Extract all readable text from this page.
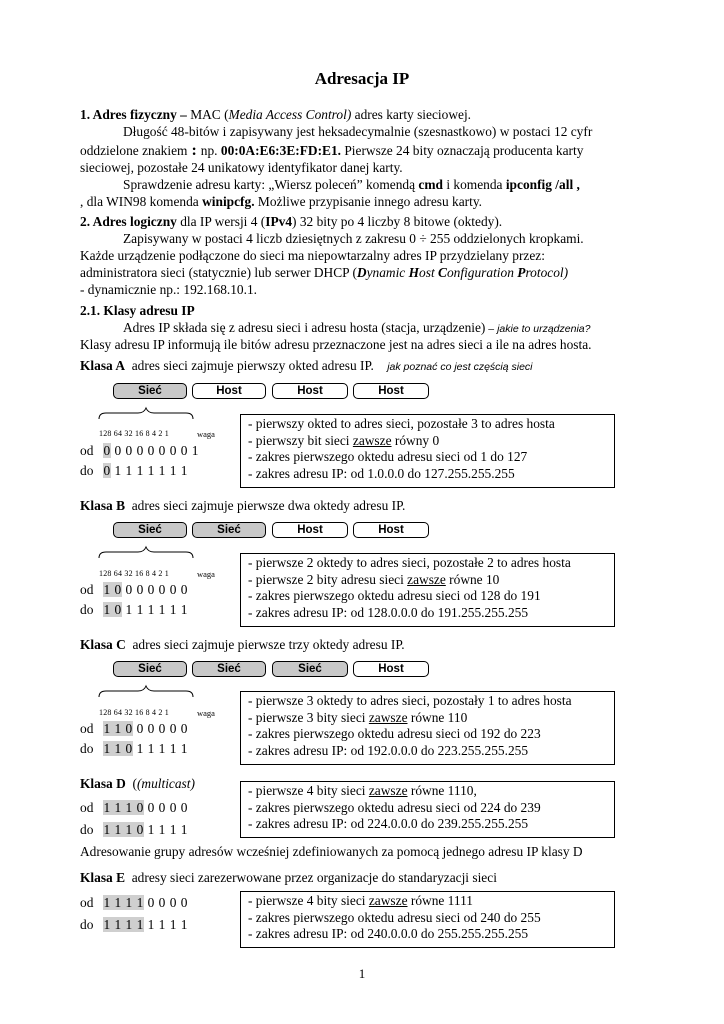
Adresacja IP
1. Adres fizyczny – MAC (Media Access Control) adres karty sieciowej.
Długość 48-bitów i zapisywany jest heksadecymalnie (szesnastkowo) w postaci 12 cyfr
oddzielone znakiem : np. 00:0A:E6:3E:FD:E1. Pierwsze 24 bity oznaczają producenta karty
sieciowej, pozostałe 24 unikatowy identyfikator danej karty.
Sprawdzenie adresu karty: „Wiersz poleceń” komendą cmd i komenda ipconfig /all ,
, dla WIN98 komenda winipcfg. Możliwe przypisanie innego adresu karty.
2. Adres logiczny dla IP wersji 4 (IPv4) 32 bity po 4 liczby 8 bitowe (oktedy).
Zapisywany w postaci 4 liczb dziesiętnych z zakresu 0 ÷ 255 oddzielonych kropkami.
Każde urządzenie podłączone do sieci ma niepowtarzalny adres IP przydzielany przez:
administratora sieci (statycznie) lub serwer DHCP (Dynamic Host Configuration Protocol)
- dynamicznie np.: 192.168.10.1.
2.1. Klasy adresu IP
Adres IP składa się z adresu sieci i adresu hosta (stacja, urządzenie) – jakie to urządzenia?
Klasy adresu IP informują ile bitów adresu przeznaczone jest na adres sieci a ile na adres hosta.
Klasa A adres sieci zajmuje pierwszy okted adresu IP. jak poznać co jest częścią sieci
Sieć	Host	Host	Host
128 64 32 16 8 4 2 1	waga
od 0 0 0 0 0 0 0 0 1
do 0 1 1 1 1 1 1 1
- pierwszy okted to adres sieci, pozostałe 3 to adres hosta
- pierwszy bit sieci zawsze równy 0
- zakres pierwszego oktedu adresu sieci od 1 do 127
- zakres adresu IP: od 1.0.0.0 do 127.255.255.255
Klasa B adres sieci zajmuje pierwsze dwa oktedy adresu IP.
Sieć	Sieć	Host	Host
128 64 32 16 8 4 2 1	waga
od 1 0 0 0 0 0 0 0
do 1 0 1 1 1 1 1 1
- pierwsze 2 oktedy to adres sieci, pozostałe 2 to adres hosta
- pierwsze 2 bity adresu sieci zawsze równe 10
- zakres pierwszego oktedu adresu sieci od 128 do 191
- zakres adresu IP: od 128.0.0.0 do 191.255.255.255
Klasa C adres sieci zajmuje pierwsze trzy oktedy adresu IP.
Sieć	Sieć	Sieć	Host
128 64 32 16 8 4 2 1	waga
od 1 1 0 0 0 0 0 0
do 1 1 0 1 1 1 1 1
- pierwsze 3 oktedy to adres sieci, pozostały 1 to adres hosta
- pierwsze 3 bity sieci zawsze równe 110
- zakres pierwszego oktedu adresu sieci od 192 do 223
- zakres adresu IP: od 192.0.0.0 do 223.255.255.255
Klasa D ((multicast)
od 1 1 1 0 0 0 0 0
do 1 1 1 0 1 1 1 1
- pierwsze 4 bity sieci zawsze równe 1110,
- zakres pierwszego oktedu adresu sieci od 224 do 239
- zakres adresu IP: od 224.0.0.0 do 239.255.255.255
Adresowanie grupy adresów wcześniej zdefiniowanych za pomocą jednego adresu IP klasy D
Klasa E adresy sieci zarezerwowane przez organizacje do standaryzacji sieci
od 1 1 1 1 0 0 0 0
do 1 1 1 1 1 1 1 1
- pierwsze 4 bity sieci zawsze równe 1111
- zakres pierwszego oktedu adresu sieci od 240 do 255
- zakres adresu IP: od 240.0.0.0 do 255.255.255.255
1
